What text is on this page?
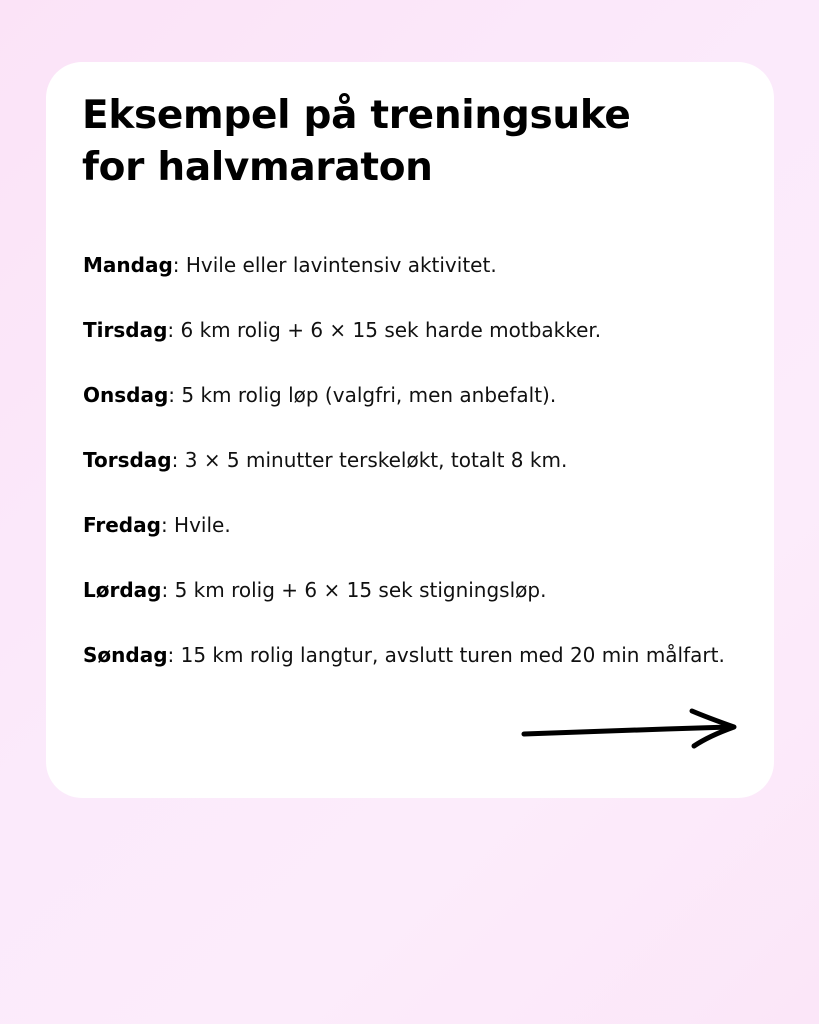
Eksempel på treningsuke
for halvmaraton
Mandag: Hvile eller lavintensiv aktivitet.
Tirsdag: 6 km rolig + 6 × 15 sek harde motbakker.
Onsdag: 5 km rolig løp (valgfri, men anbefalt).
Torsdag: 3 × 5 minutter terskeløkt, totalt 8 km.
Fredag: Hvile.
Lørdag: 5 km rolig + 6 × 15 sek stigningsløp.
Søndag: 15 km rolig langtur, avslutt turen med 20 min målfart.
